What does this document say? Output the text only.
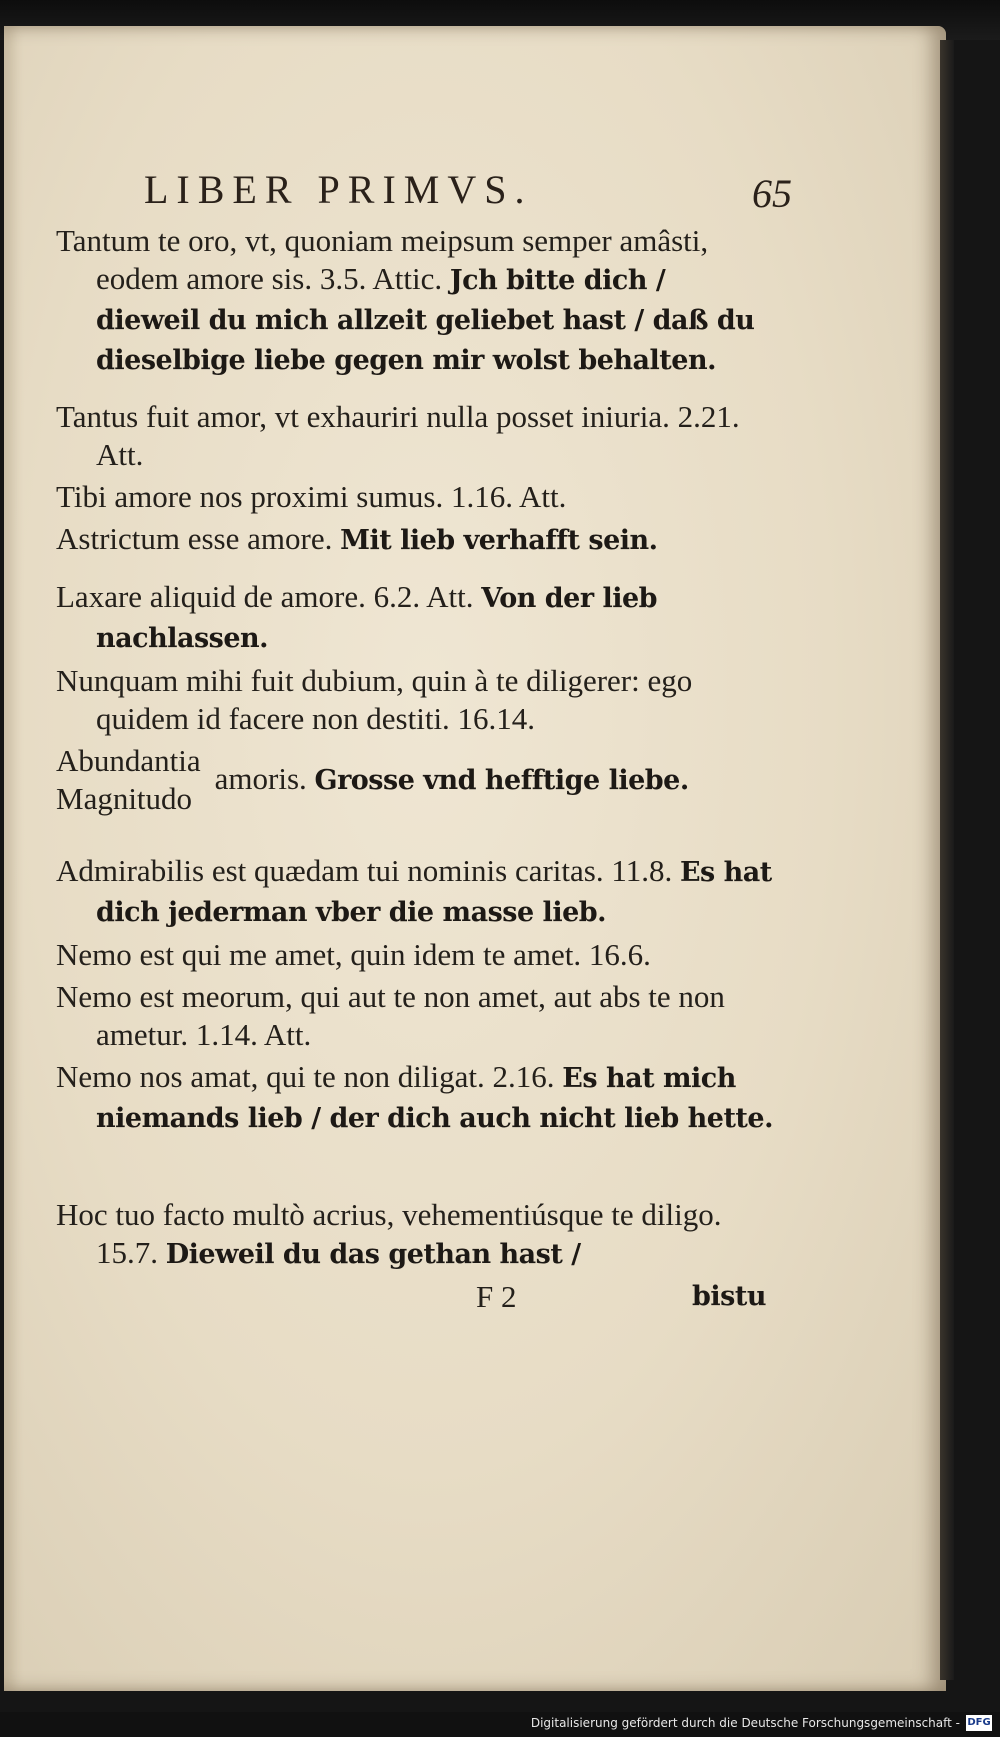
LIBER PRIMVS.	65

Tantum te oro, vt, quoniam meipsum semper amâsti, eodem amore sis. 3.5. Attic. Jch bitte dich / dieweil du mich allzeit geliebet hast / daß du dieselbige liebe gegen mir wolst behalten.

Tantus fuit amor, vt exhauriri nulla posset iniuria. 2.21. Att.

Tibi amore nos proximi sumus. 1.16. Att.

Astrictum esse amore. Mit lieb verhafft sein.

Laxare aliquid de amore. 6.2. Att. Von der lieb nachlassen.

Nunquam mihi fuit dubium, quin à te diligerer: ego quidem id facere non destiti. 16.14.

Abundantia
Magnitudo
amoris. Grosse vnd hefftige liebe.

Admirabilis est quædam tui nominis caritas. 11.8. Es hat dich jederman vber die masse lieb.

Nemo est qui me amet, quin idem te amet. 16.6.

Nemo est meorum, qui aut te non amet, aut abs te non ametur. 1.14. Att.

Nemo nos amat, qui te non diligat. 2.16. Es hat mich niemands lieb / der dich auch nicht lieb hette.

Hoc tuo facto multò acrius, vehementiúsque te diligo. 15.7. Dieweil du das gethan hast /

F 2	bistu
Digitalisierung gefördert durch die Deutsche Forschungsgemeinschaft - DFG
